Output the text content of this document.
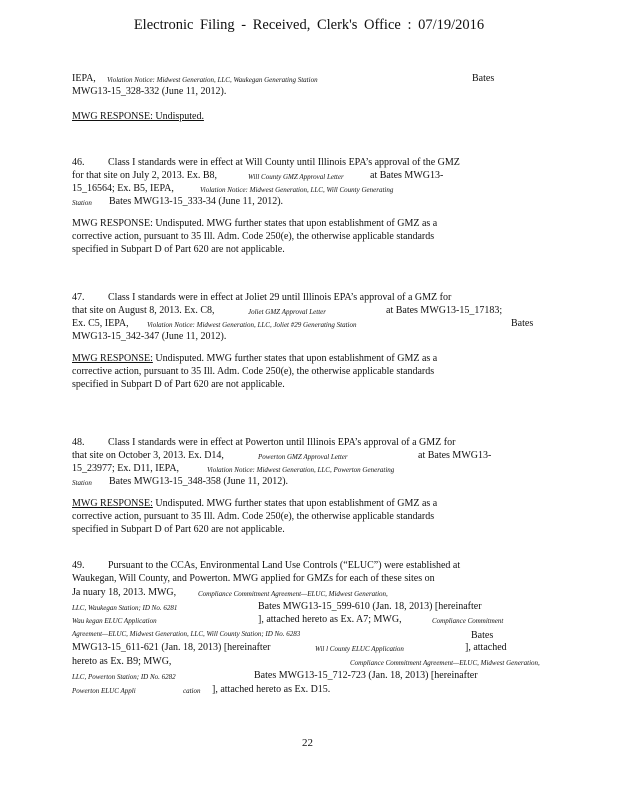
Electronic Filing - Received, Clerk's Office : 07/19/2016
IEPA, Violation Notice: Midwest Generation, LLC, Waukegan Generating Station	Bates
MWG13-15_328-332 (June 11, 2012).
MWG RESPONSE: Undisputed.
46. Class I standards were in effect at Will County until Illinois EPA’s approval of the GMZ
for that site on July 2, 2013. Ex. B8,	Will County GMZ Approval Letter	at Bates MWG13-
15_16564; Ex. B5, IEPA,	Violation Notice: Midwest Generation, LLC, Will County Generating
Station Bates MWG13-15_333-34 (June 11, 2012).
MWG RESPONSE: Undisputed. MWG further states that upon establishment of GMZ as a
corrective action, pursuant to 35 Ill. Adm. Code 250(e), the otherwise applicable standards
specified in Subpart D of Part 620 are not applicable.
47. Class I standards were in effect at Joliet 29 until Illinois EPA’s approval of a GMZ for
that site on August 8, 2013. Ex. C8,	Joliet GMZ Approval Letter	at Bates MWG13-15_17183;
Ex. C5, IEPA,	Violation Notice: Midwest Generation, LLC, Joliet #29 Generating Station	Bates
MWG13-15_342-347 (June 11, 2012).
MWG RESPONSE: Undisputed. MWG further states that upon establishment of GMZ as a
corrective action, pursuant to 35 Ill. Adm. Code 250(e), the otherwise applicable standards
specified in Subpart D of Part 620 are not applicable.
48. Class I standards were in effect at Powerton until Illinois EPA’s approval of a GMZ for
that site on October 3, 2013. Ex. D14,	Powerton GMZ Approval Letter	at Bates MWG13-
15_23977; Ex. D11, IEPA,	Violation Notice: Midwest Generation, LLC, Powerton Generating
Station Bates MWG13-15_348-358 (June 11, 2012).
MWG RESPONSE: Undisputed. MWG further states that upon establishment of GMZ as a
corrective action, pursuant to 35 Ill. Adm. Code 250(e), the otherwise applicable standards
specified in Subpart D of Part 620 are not applicable.
49. Pursuant to the CCAs, Environmental Land Use Controls (“ELUC”) were established at
Waukegan, Will County, and Powerton. MWG applied for GMZs for each of these sites on
Ja nuary 18, 2013. MWG,	Compliance Commitment Agreement—ELUC, Midwest Generation,
LLC, Waukegan Station; ID No. 6281	Bates MWG13-15_599-610 (Jan. 18, 2013) [hereinafter
Wau kegan ELUC Application	], attached hereto as Ex. A7; MWG,	Compliance Commitment
Agreement—ELUC, Midwest Generation, LLC, Will County Station; ID No. 6283	Bates
MWG13-15_611-621 (Jan. 18, 2013) [hereinafter	Wil l County ELUC Application	], attached
hereto as Ex. B9; MWG,	Compliance Commitment Agreement—ELUC, Midwest Generation,
LLC, Powerton Station; ID No. 6282	Bates MWG13-15_712-723 (Jan. 18, 2013) [hereinafter
Powerton ELUC Appli	cation ], attached hereto as Ex. D15.
22
